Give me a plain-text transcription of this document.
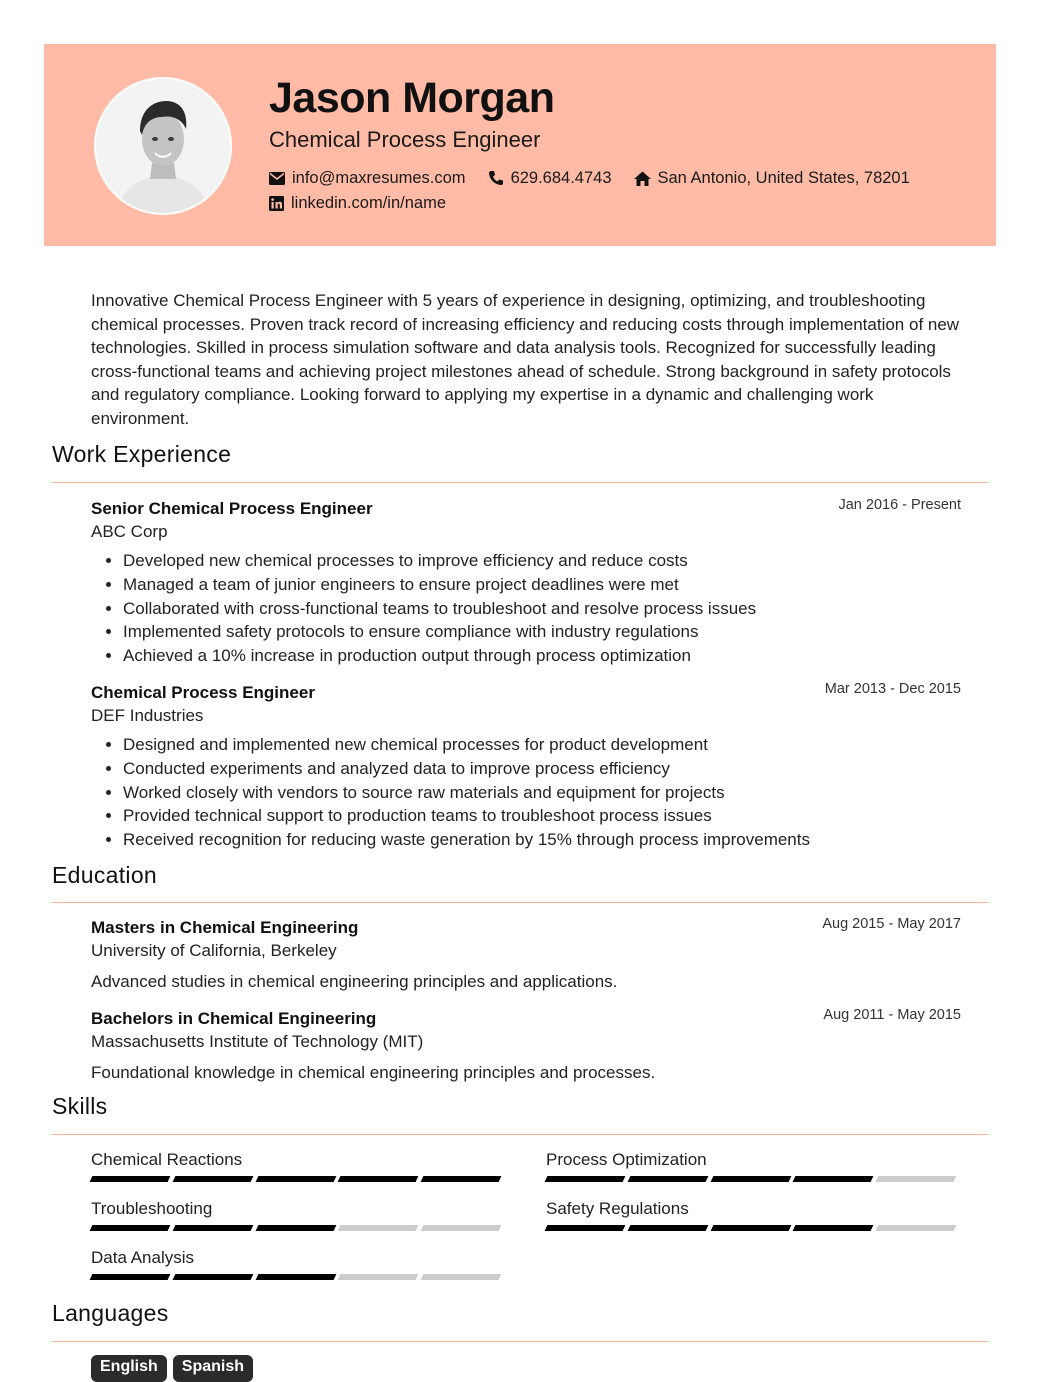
Jason Morgan
Chemical Process Engineer
info@maxresumes.com	629.684.4743	San Antonio, United States, 78201
linkedin.com/in/name

Innovative Chemical Process Engineer with 5 years of experience in designing, optimizing, and troubleshooting chemical processes. Proven track record of increasing efficiency and reducing costs through implementation of new technologies. Skilled in process simulation software and data analysis tools. Recognized for successfully leading cross-functional teams and achieving project milestones ahead of schedule. Strong background in safety protocols and regulatory compliance. Looking forward to applying my expertise in a dynamic and challenging work environment.

Work Experience
Senior Chemical Process Engineer
ABC Corp
Jan 2016 - Present
• Developed new chemical processes to improve efficiency and reduce costs
• Managed a team of junior engineers to ensure project deadlines were met
• Collaborated with cross-functional teams to troubleshoot and resolve process issues
• Implemented safety protocols to ensure compliance with industry regulations
• Achieved a 10% increase in production output through process optimization
Chemical Process Engineer
DEF Industries
Mar 2013 - Dec 2015
• Designed and implemented new chemical processes for product development
• Conducted experiments and analyzed data to improve process efficiency
• Worked closely with vendors to source raw materials and equipment for projects
• Provided technical support to production teams to troubleshoot process issues
• Received recognition for reducing waste generation by 15% through process improvements
Education
Masters in Chemical Engineering
University of California, Berkeley
Aug 2015 - May 2017
Advanced studies in chemical engineering principles and applications.
Bachelors in Chemical Engineering
Massachusetts Institute of Technology (MIT)
Aug 2011 - May 2015
Foundational knowledge in chemical engineering principles and processes.
Skills
Chemical Reactions	Process Optimization
Troubleshooting	Safety Regulations
Data Analysis
Languages
English	Spanish
